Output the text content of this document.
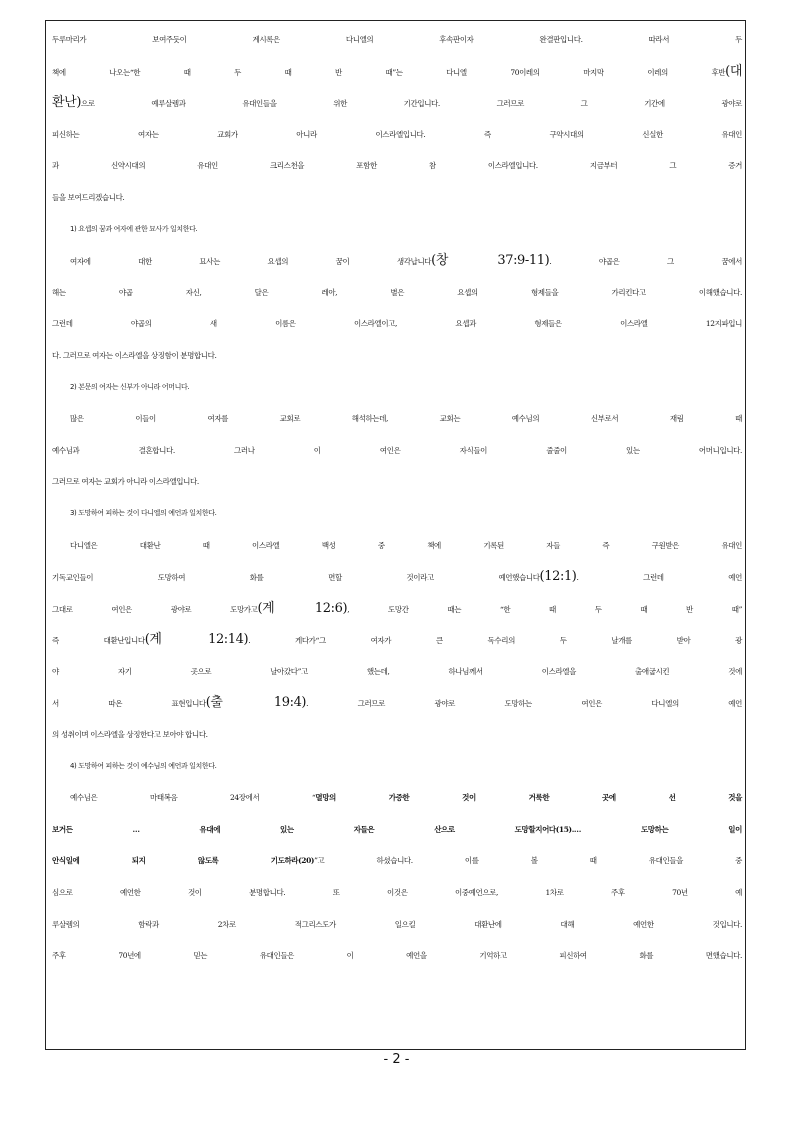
두루마리가 보여주듯이 계시록은 다니엘의 후속판이자 완결판입니다. 따라서 두
책에 나오는“한 때 두 때 반 때”는 다니엘 70이레의 마지막 이레의 후반(대
환난)으로 예루살렘과 유대인들을 위한 기간입니다. 그러므로 그 기간에 광야로
피신하는 여자는 교회가 아니라 이스라엘입니다. 즉 구약시대의 신실한 유대인
과 신약시대의 유대인 크리스천을 포함한 참 이스라엘입니다. 지금부터 그 증거
들을 보여드리겠습니다.
1) 요셉의 꿈과 여자에 관한 묘사가 일치한다.
여자에 대한 묘사는 요셉의 꿈이 생각납니다(창 37:9-11). 야곱은 그 꿈에서
해는 야곱 자신, 달은 레아, 별은 요셉의 형제들을 가리킨다고 이해했습니다.
그런데 야곱의 새 이름은 이스라엘이고, 요셉과 형제들은 이스라엘 12지파입니
다. 그러므로 여자는 이스라엘을 상징함이 분명합니다.
2) 본문의 여자는 신부가 아니라 어머니다.
많은 이들이 여자를 교회로 해석하는데, 교회는 예수님의 신부로서 재림 때
예수님과 결혼합니다. 그러나 이 여인은 자식들이 줄줄이 있는 어머니입니다.
그러므로 여자는 교회가 아니라 이스라엘입니다.
3) 도망하여 피하는 것이 다니엘의 예언과 일치한다.
다니엘은 대환난 때 이스라엘 백성 중 책에 기록된 자들 즉 구원받은 유대인
기독교인들이 도망하여 화를 면할 것이라고 예언했습니다(12:1). 그런데 예언
그대로 여인은 광야로 도망가고(계 12:6), 도망간 때는 “한 때 두 때 반 때”
즉 대환난입니다(계 12:14). 게다가“그 여자가 큰 독수리의 두 날개를 받아 광
야 자기 곳으로 날아갔다”고 했는데, 하나님께서 이스라엘을 출애굽시킨 것에
서 따온 표현입니다(출 19:4). 그러므로 광야로 도망하는 여인은 다니엘의 예언
의 성취이며 이스라엘을 상징한다고 보아야 합니다.
4) 도망하여 피하는 것이 예수님의 예언과 일치한다.
예수님은 마태복음 24장에서 “멸망의 가증한 것이 거룩한 곳에 선 것을
보거든 … 유대에 있는 자들은 산으로 도망할지어다(15).… 도망하는 일이
안식일에 되지 않도록 기도하라(20)”고 하셨습니다. 이를 볼 때 유대인들을 중
심으로 예언한 것이 분명합니다. 또 이것은 이중예언으로, 1차로 주후 70년 예
루살렘의 함락과 2차로 적그리스도가 일으킬 대환난에 대해 예언한 것입니다.
주후 70년에 믿는 유대인들은 이 예언을 기억하고 피신하여 화를 면했습니다.
- 2 -
